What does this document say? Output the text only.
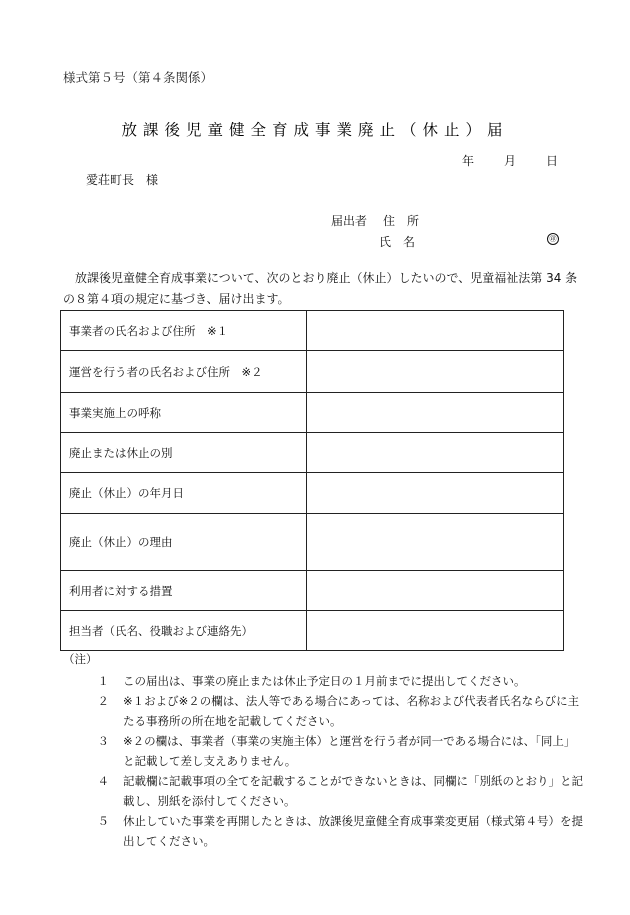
様式第５号（第４条関係）
放課後児童健全育成事業廃止（休止）届
年	月	日
愛荘町長　様
届出者	住　所
氏　名	㊞
放課後児童健全育成事業について、次のとおり廃止（休止）したいので、児童福祉法第 34 条の８第４項の規定に基づき、届け出ます。
事業者の氏名および住所　※１	
運営を行う者の氏名および住所　※２	
事業実施上の呼称	
廃止または休止の別	
廃止（休止）の年月日	
廃止（休止）の理由	
利用者に対する措置	
担当者（氏名、役職および連絡先）	
（注）
１	この届出は、事業の廃止または休止予定日の１月前までに提出してください。
２	※１および※２の欄は、法人等である場合にあっては、名称および代表者氏名ならびに主たる事務所の所在地を記載してください。
３	※２の欄は、事業者（事業の実施主体）と運営を行う者が同一である場合には、「同上」と記載して差し支えありません。
４	記載欄に記載事項の全てを記載することができないときは、同欄に「別紙のとおり」と記載し、別紙を添付してください。
５	休止していた事業を再開したときは、放課後児童健全育成事業変更届（様式第４号）を提出してください。
